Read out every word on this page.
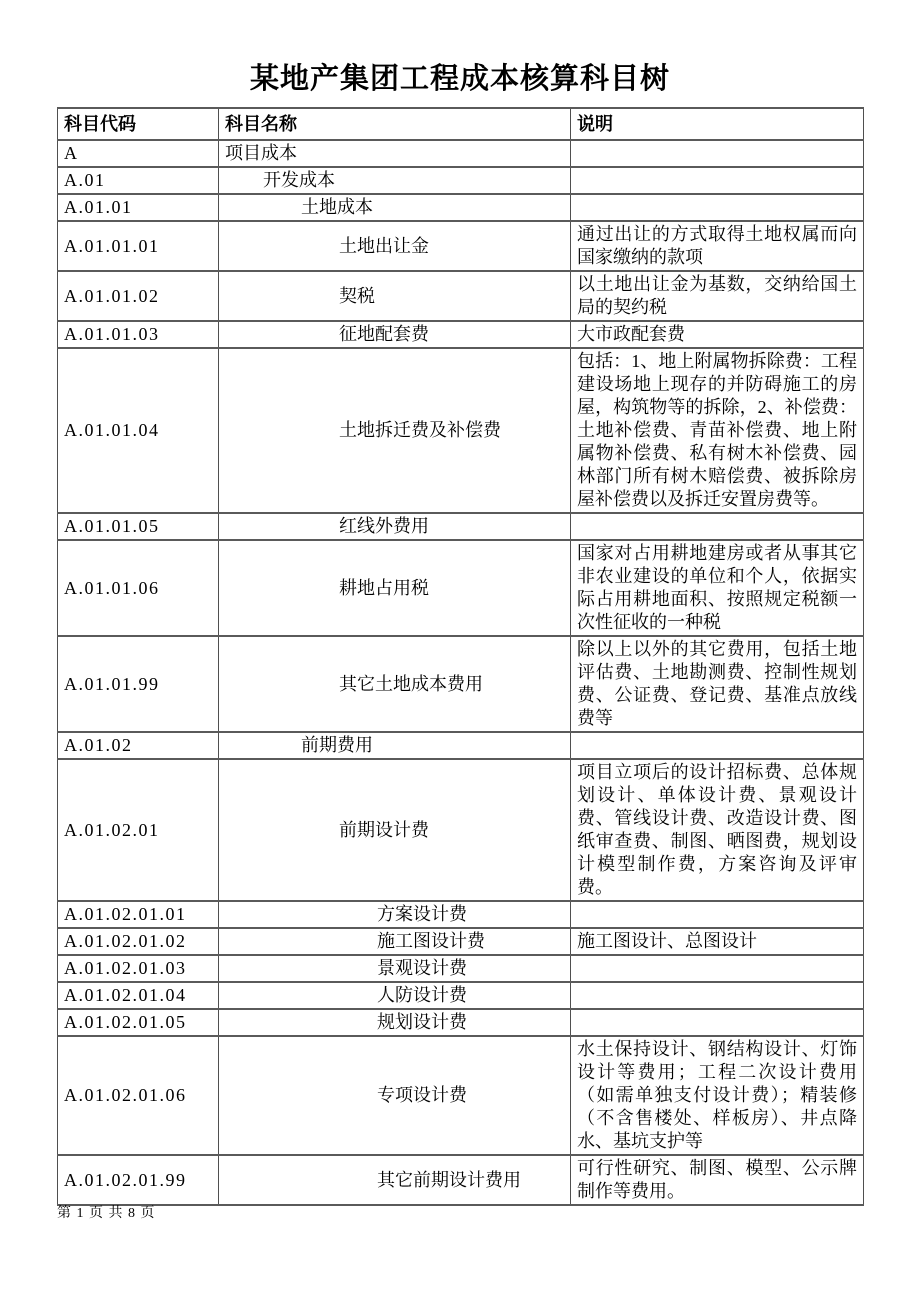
某地产集团工程成本核算科目树
科目代码	科目名称	说明
A	项目成本	
A.01	开发成本	
A.01.01	土地成本	
A.01.01.01	土地出让金	通过出让的方式取得土地权属而向国家缴纳的款项
A.01.01.02	契税	以土地出让金为基数，交纳给国土局的契约税
A.01.01.03	征地配套费	大市政配套费
A.01.01.04	土地拆迁费及补偿费	包括：1、地上附属物拆除费：工程建设场地上现存的并防碍施工的房屋，构筑物等的拆除，2、补偿费：土地补偿费、青苗补偿费、地上附属物补偿费、私有树木补偿费、园林部门所有树木赔偿费、被拆除房屋补偿费以及拆迁安置房费等。
A.01.01.05	红线外费用	
A.01.01.06	耕地占用税	国家对占用耕地建房或者从事其它非农业建设的单位和个人，依据实际占用耕地面积、按照规定税额一次性征收的一种税
A.01.01.99	其它土地成本费用	除以上以外的其它费用，包括土地评估费、土地勘测费、控制性规划费、公证费、登记费、基准点放线费等
A.01.02	前期费用	
A.01.02.01	前期设计费	项目立项后的设计招标费、总体规划设计、单体设计费、景观设计费、管线设计费、改造设计费、图纸审查费、制图、晒图费，规划设计模型制作费，方案咨询及评审费。
A.01.02.01.01	方案设计费	
A.01.02.01.02	施工图设计费	施工图设计、总图设计
A.01.02.01.03	景观设计费	
A.01.02.01.04	人防设计费	
A.01.02.01.05	规划设计费	
A.01.02.01.06	专项设计费	水土保持设计、钢结构设计、灯饰设计等费用；工程二次设计费用（如需单独支付设计费）；精装修（不含售楼处、样板房）、井点降水、基坑支护等
A.01.02.01.99	其它前期设计费用	可行性研究、制图、模型、公示牌制作等费用。
第 1 页 共 8 页
